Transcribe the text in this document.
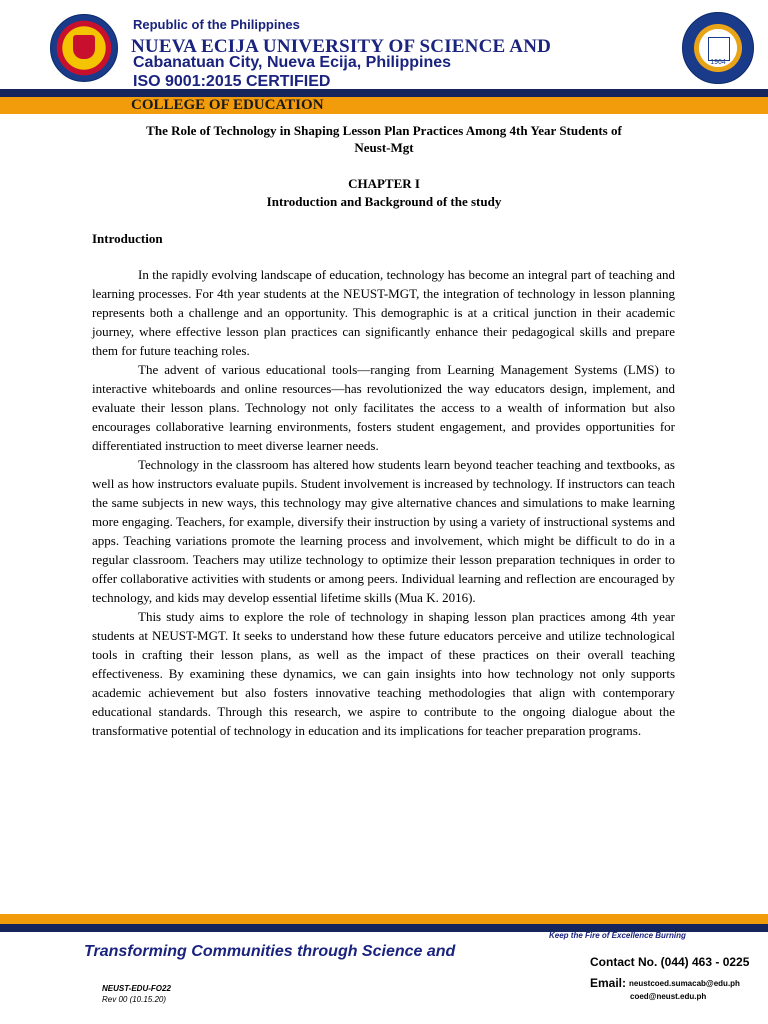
1964
Republic of the Philippines
NUEVA ECIJA UNIVERSITY OF SCIENCE AND
Cabanatuan City, Nueva Ecija, Philippines
ISO 9001:2015 CERTIFIED
COLLEGE OF EDUCATION
The Role of Technology in Shaping Lesson Plan Practices Among 4th Year Students of
Neust-Mgt
CHAPTER I
Introduction and Background of the study
Introduction

In the rapidly evolving landscape of education, technology has become an integral part of teaching and learning processes. For 4th year students at the NEUST-MGT, the integration of technology in lesson planning represents both a challenge and an opportunity. This demographic is at a critical junction in their academic journey, where effective lesson plan practices can significantly enhance their pedagogical skills and prepare them for future teaching roles.

The advent of various educational tools—ranging from Learning Management Systems (LMS) to interactive whiteboards and online resources—has revolutionized the way educators design, implement, and evaluate their lesson plans. Technology not only facilitates the access to a wealth of information but also encourages collaborative learning environments, fosters student engagement, and provides opportunities for differentiated instruction to meet diverse learner needs.

Technology in the classroom has altered how students learn beyond teacher teaching and textbooks, as well as how instructors evaluate pupils. Student involvement is increased by technology. If instructors can teach the same subjects in new ways, this technology may give alternative chances and simulations to make learning more engaging. Teachers, for example, diversify their instruction by using a variety of instructional systems and apps. Teaching variations promote the learning process and involvement, which might be difficult to do in a regular classroom. Teachers may utilize technology to optimize their lesson preparation techniques in order to offer collaborative activities with students or among peers. Individual learning and reflection are encouraged by technology, and kids may develop essential lifetime skills (Mua K. 2016).

This study aims to explore the role of technology in shaping lesson plan practices among 4th year students at NEUST-MGT. It seeks to understand how these future educators perceive and utilize technological tools in crafting their lesson plans, as well as the impact of these practices on their overall teaching effectiveness. By examining these dynamics, we can gain insights into how technology not only supports academic achievement but also fosters innovative teaching methodologies that align with contemporary educational standards. Through this research, we aspire to contribute to the ongoing dialogue about the transformative potential of technology in education and its implications for teacher preparation programs.

Keep the Fire of Excellence Burning
Transforming Communities through Science and
Contact No. (044) 463 - 0225
Email: neustcoed.sumacab@edu.ph
coed@neust.edu.ph
NEUST-EDU-FO22
Rev 00 (10.15.20)
